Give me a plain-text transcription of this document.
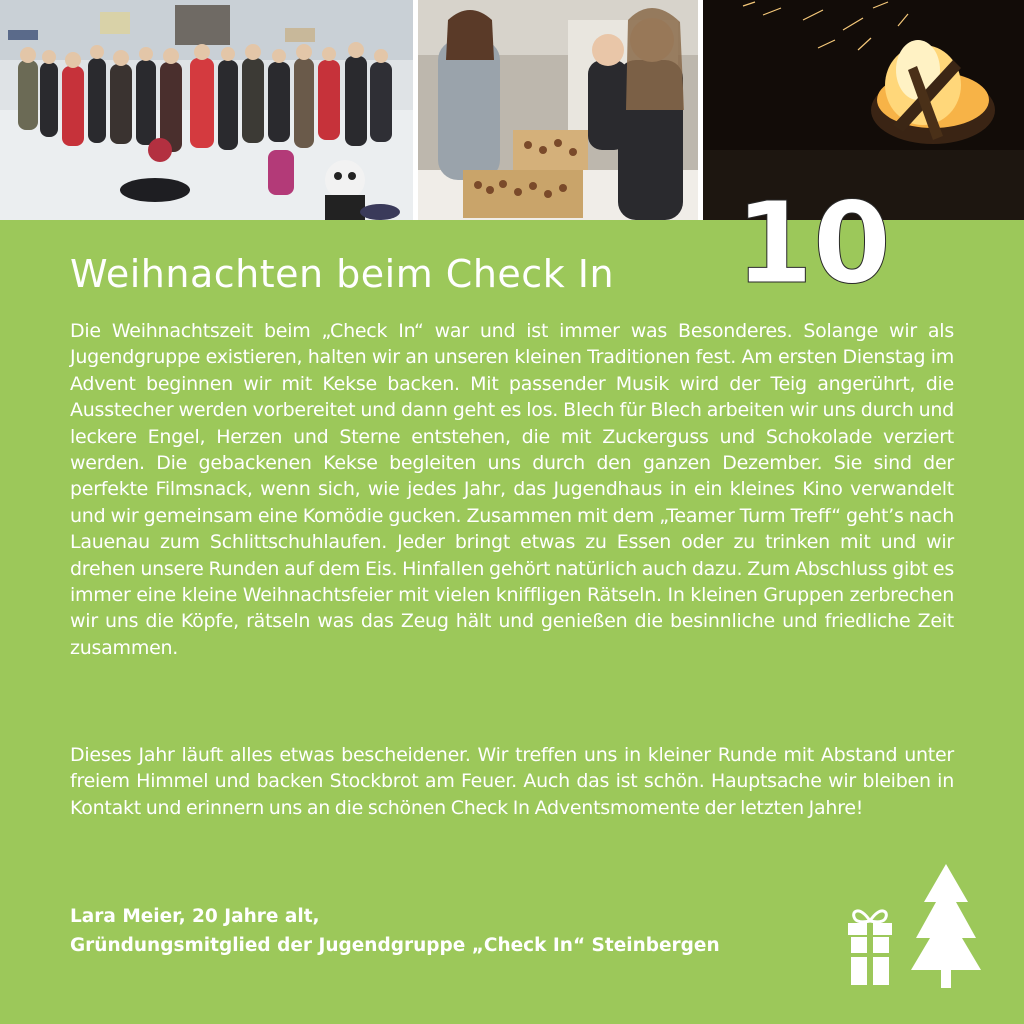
10
Weihnachten beim Check In

Die Weihnachtszeit beim „Check In“ war und ist immer was Besonderes. Solange wir als Jugendgruppe existieren, halten wir an unseren kleinen Traditionen fest. Am ersten Dienstag im Advent beginnen wir mit Kekse backen. Mit passender Musik wird der Teig angerührt, die Ausstecher werden vorbereitet und dann geht es los. Blech für Blech arbeiten wir uns durch und leckere Engel, Herzen und Sterne entstehen, die mit Zuckerguss und Schokolade verziert werden. Die gebackenen Kekse begleiten uns durch den ganzen Dezember. Sie sind der perfekte Filmsnack, wenn sich, wie jedes Jahr, das Jugendhaus in ein kleines Kino verwandelt und wir gemeinsam eine Komödie gucken. Zusammen mit dem „Teamer Turm Treff“ geht’s nach Lauenau zum Schlittschuhlaufen. Jeder bringt etwas zu Essen oder zu trinken mit und wir drehen unsere Runden auf dem Eis. Hinfallen gehört natürlich auch dazu. Zum Abschluss gibt es immer eine kleine Weihnachtsfeier mit vielen kniffligen Rätseln. In kleinen Gruppen zerbrechen wir uns die Köpfe, rätseln was das Zeug hält und genießen die besinnliche und friedliche Zeit zusammen.

Dieses Jahr läuft alles etwas bescheidener. Wir treffen uns in kleiner Runde mit Abstand unter freiem Himmel und backen Stockbrot am Feuer. Auch das ist schön. Hauptsache wir bleiben in Kontakt und erinnern uns an die schönen Check In Adventsmomente der letzten Jahre!

Lara Meier, 20 Jahre alt,
Gründungsmitglied der Jugendgruppe „Check In“ Steinbergen
